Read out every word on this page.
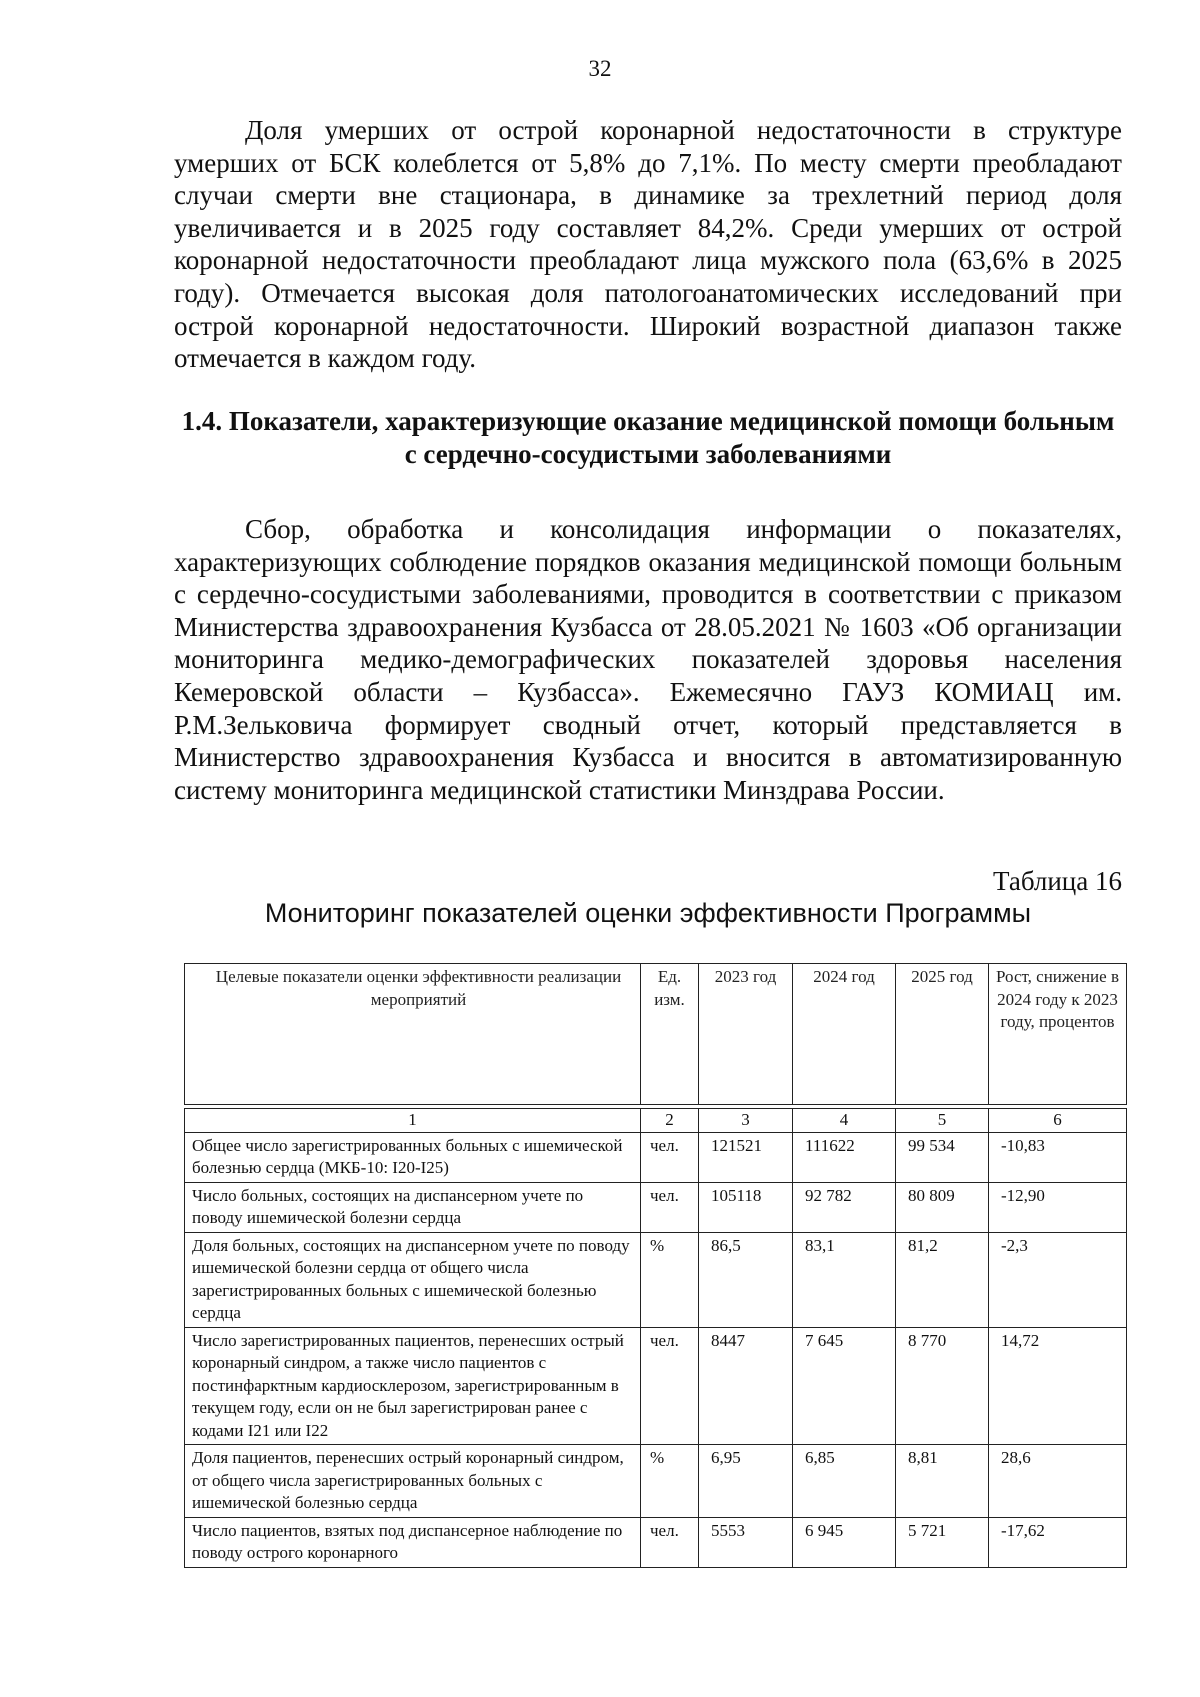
32

Доля умерших от острой коронарной недостаточности в структуре умерших от БСК колеблется от 5,8% до 7,1%. По месту смерти преобладают случаи смерти вне стационара, в динамике за трехлетний период доля увеличивается и в 2025 году составляет 84,2%. Среди умерших от острой коронарной недостаточности преобладают лица мужского пола (63,6% в 2025 году). Отмечается высокая доля патологоанатомических исследований при острой коронарной недостаточности. Широкий возрастной диапазон также отмечается в каждом году.

1.4. Показатели, характеризующие оказание медицинской помощи больным с сердечно-сосудистыми заболеваниями

Сбор, обработка и консолидация информации о показателях, характеризующих соблюдение порядков оказания медицинской помощи больным с сердечно-сосудистыми заболеваниями, проводится в соответствии с приказом Министерства здравоохранения Кузбасса от 28.05.2021 № 1603 «Об организации мониторинга медико-демографических показателей здоровья населения Кемеровской области – Кузбасса». Ежемесячно ГАУЗ КОМИАЦ им. Р.М.Зельковича формирует сводный отчет, который представляется в Министерство здравоохранения Кузбасса и вносится в автоматизированную систему мониторинга медицинской статистики Минздрава России.

Таблица 16
Мониторинг показателей оценки эффективности Программы
Целевые показатели оценки эффективности реализации мероприятий	Ед. изм.	2023 год	2024 год	2025 год	Рост, снижение в 2024 году к 2023 году, процентов

1	2	3	4	5	6
Общее число зарегистрированных больных с ишемической болезнью сердца (МКБ-10: I20-I25)	чел.	121521	111622	99 534	-10,83
Число больных, состоящих на диспансерном учете по поводу ишемической болезни сердца	чел.	105118	92 782	80 809	-12,90
Доля больных, состоящих на диспансерном учете по поводу ишемической болезни сердца от общего числа зарегистрированных больных с ишемической болезнью сердца	%	86,5	83,1	81,2	-2,3
Число зарегистрированных пациентов, перенесших острый коронарный синдром, а также число пациентов с постинфарктным кардиосклерозом, зарегистрированным в текущем году, если он не был зарегистрирован ранее с кодами I21 или I22	чел.	8447	7 645	8 770	14,72
Доля пациентов, перенесших острый коронарный синдром, от общего числа зарегистрированных больных с ишемической болезнью сердца	%	6,95	6,85	8,81	28,6
Число пациентов, взятых под диспансерное наблюдение по поводу острого коронарного	чел.	5553	6 945	5 721	-17,62
